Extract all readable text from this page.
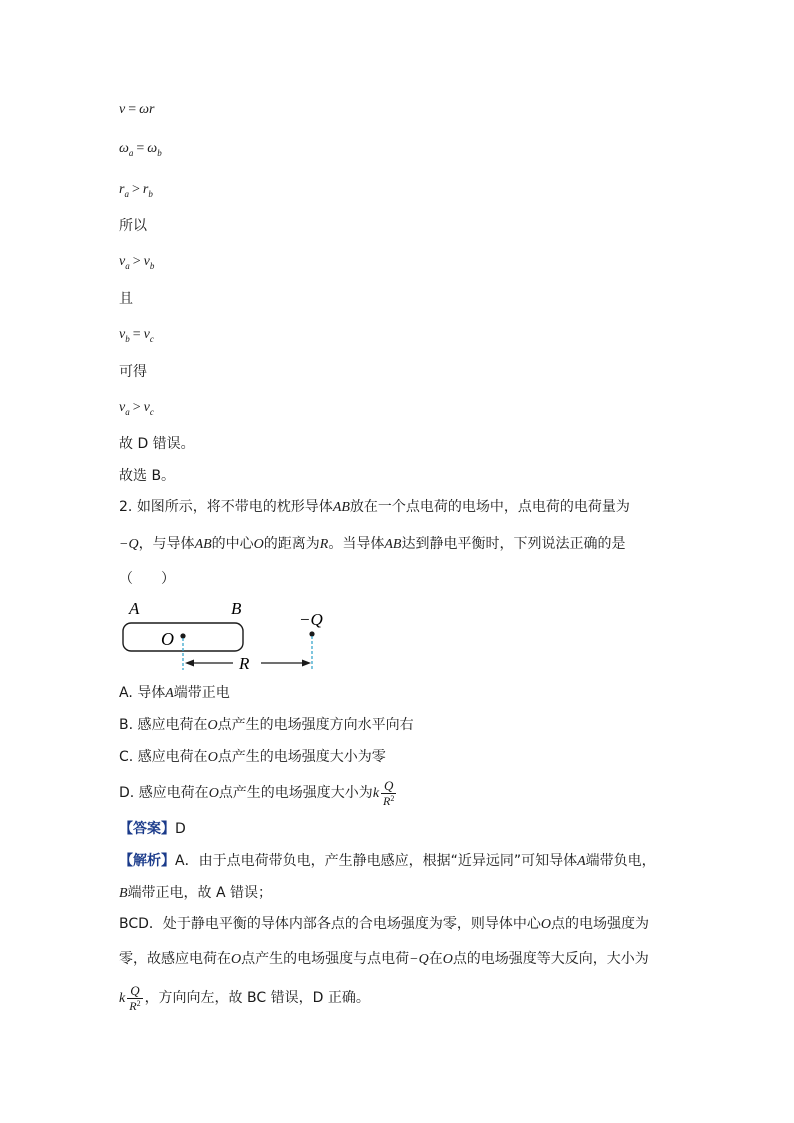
v = ωr
$\omega_a = \omega_b$
$r_a > r_b$
所以
$v_a > v_b$
且
$v_b = v_c$
可得
$v_a > v_c$
故 D 错误。
故选 B。
2. 如图所示，将不带电的枕形导体AB放在一个点电荷的电场中，点电荷的电荷量为
−Q，与导体AB的中心O的距离为R。当导体AB达到静电平衡时，下列说法正确的是
（　　）
A	B
O
−Q
R
A. 导体A端带正电
B. 感应电荷在O点产生的电场强度方向水平向右
C. 感应电荷在O点产生的电场强度大小为零
D. 感应电荷在O点产生的电场强度大小为k $\frac{Q}{R^2}$
【答案】D
【解析】A．由于点电荷带负电，产生静电感应，根据“近异远同”可知导体A端带负电，
B端带正电，故 A 错误；
BCD．处于静电平衡的导体内部各点的合电场强度为零，则导体中心O点的电场强度为
零，故感应电荷在O点产生的电场强度与点电荷−Q在O点的电场强度等大反向，大小为
k $\frac{Q}{R^2}$ ，方向向左，故 BC 错误，D 正确。
